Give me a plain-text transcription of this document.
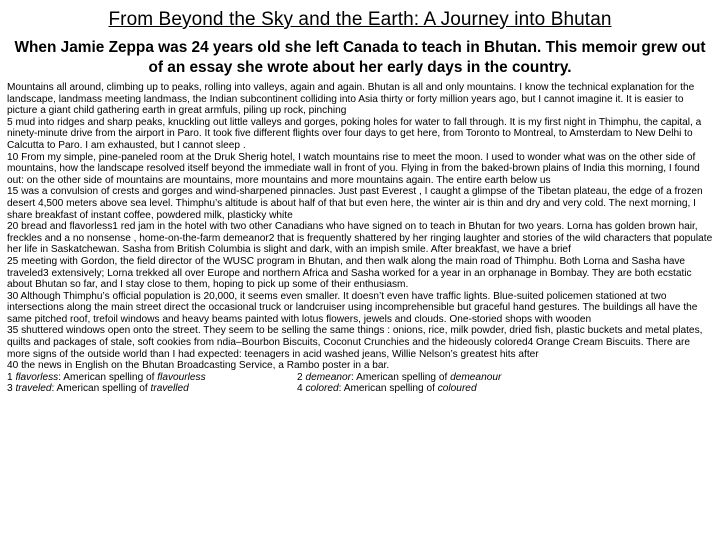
From Beyond the Sky and the Earth: A Journey into Bhutan
When Jamie Zeppa was 24 years old she left Canada to teach in Bhutan. This memoir grew out of an essay she wrote about her early days in the country.

Mountains all around, climbing up to peaks, rolling into valleys, again and again. Bhutan is all and only mountains. I know the technical explanation for the landscape, landmass meeting landmass, the Indian subcontinent colliding into Asia thirty or forty million years ago, but I cannot imagine it. It is easier to picture a giant child gathering earth in great armfuls, piling up rock, pinching

5 mud into ridges and sharp peaks, knuckling out little valleys and gorges, poking holes for water to fall through. It is my first night in Thimphu, the capital, a ninety-minute drive from the airport in Paro. It took five different flights over four days to get here, from Toronto to Montreal, to Amsterdam to New Delhi to Calcutta to Paro. I am exhausted, but I cannot sleep .

10 From my simple, pine-paneled room at the Druk Sherig hotel, I watch mountains rise to meet the moon. I used to wonder what was on the other side of mountains, how the landscape resolved itself beyond the immediate wall in front of you. Flying in from the baked-brown plains of India this morning, I found out: on the other side of mountains are mountains, more mountains and more mountains again. The entire earth below us

15 was a convulsion of crests and gorges and wind-sharpened pinnacles. Just past Everest , I caught a glimpse of the Tibetan plateau, the edge of a frozen desert 4,500 meters above sea level. Thimphu’s altitude is about half of that but even here, the winter air is thin and dry and very cold. The next morning, I share breakfast of instant coffee, powdered milk, plasticky white

20 bread and flavorless1 red jam in the hotel with two other Canadians who have signed on to teach in Bhutan for two years. Lorna has golden brown hair, freckles and a no nonsense , home-on-the-farm demeanor2 that is frequently shattered by her ringing laughter and stories of the wild characters that populate her life in Saskatchewan. Sasha from British Columbia is slight and dark, with an impish smile. After breakfast, we have a brief

25 meeting with Gordon, the field director of the WUSC program in Bhutan, and then walk along the main road of Thimphu. Both Lorna and Sasha have traveled3 extensively; Lorna trekked all over Europe and northern Africa and Sasha worked for a year in an orphanage in Bombay. They are both ecstatic about Bhutan so far, and I stay close to them, hoping to pick up some of their enthusiasm.

30 Although Thimphu’s official population is 20,000, it seems even smaller. It doesn’t even have traffic lights. Blue-suited policemen stationed at two intersections along the main street direct the occasional truck or landcruiser using incomprehensible but graceful hand gestures. The buildings all have the same pitched roof, trefoil windows and heavy beams painted with lotus flowers, jewels and clouds. One-storied shops with wooden

35 shuttered windows open onto the street. They seem to be selling the same things : onions, rice, milk powder, dried fish, plastic buckets and metal plates, quilts and packages of stale, soft cookies from ndia–Bourbon Biscuits, Coconut Crunchies and the hideously colored4 Orange Cream Biscuits. There are more signs of the outside world than I had expected: teenagers in acid washed jeans, Willie Nelson’s greatest hits after

40 the news in English on the Bhutan Broadcasting Service, a Rambo poster in a bar.

1 flavorless: American spelling of flavourless	2 demeanor: American spelling of demeanour
3 traveled: American spelling of travelled	4 colored: American spelling of coloured
